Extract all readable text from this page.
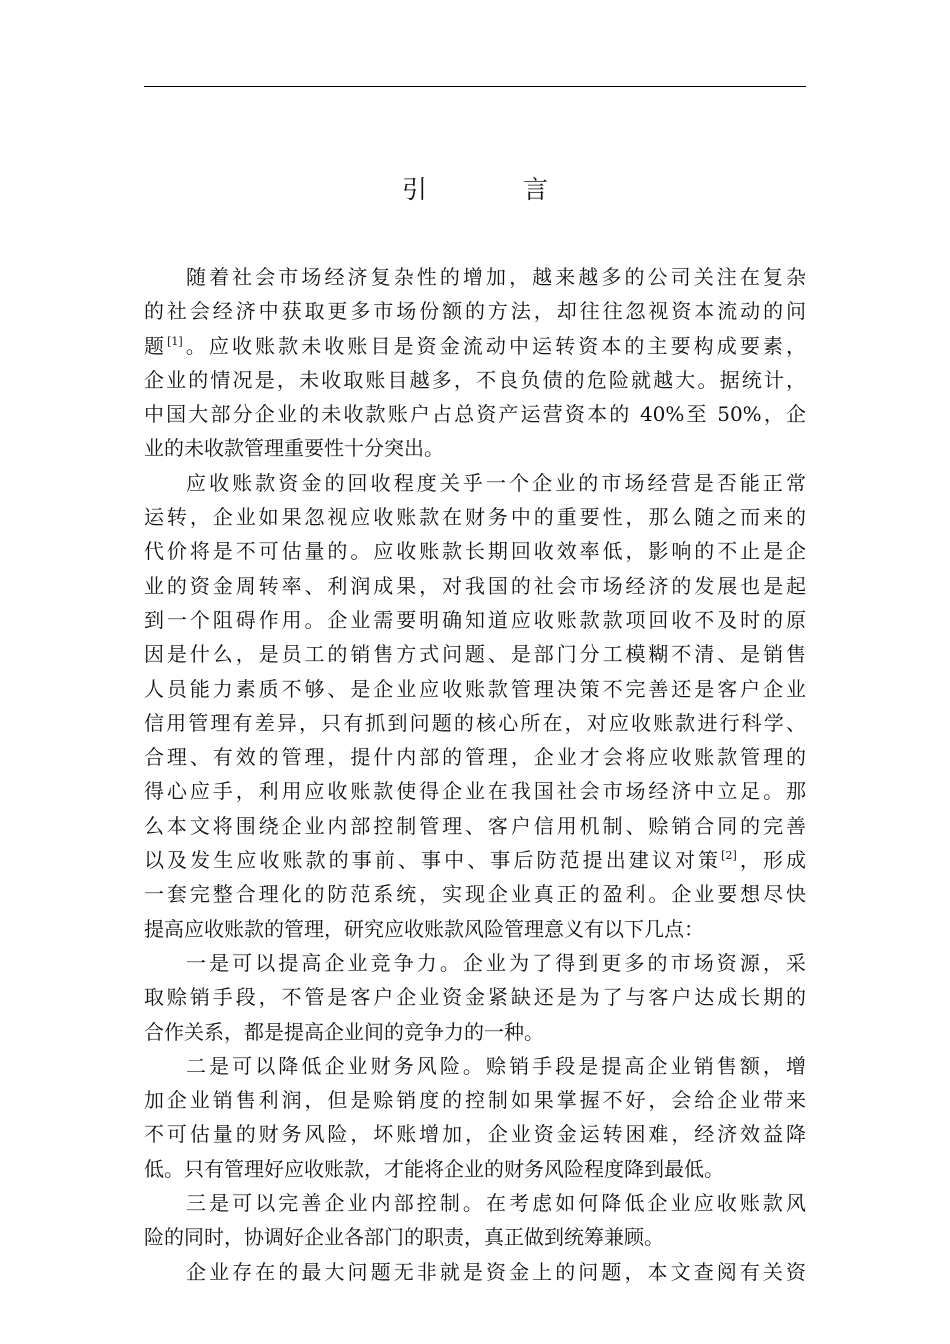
引 言
随着社会市场经济复杂性的增加，越来越多的公司关注在复杂
的社会经济中获取更多市场份额的方法，却往往忽视资本流动的问
题[1]。应收账款未收账目是资金流动中运转资本的主要构成要素，
企业的情况是，未收取账目越多，不良负债的危险就越大。据统计，
中国大部分企业的未收款账户占总资产运营资本的 40%至 50%，企
业的未收款管理重要性十分突出。
应收账款资金的回收程度关乎一个企业的市场经营是否能正常
运转，企业如果忽视应收账款在财务中的重要性，那么随之而来的
代价将是不可估量的。应收账款长期回收效率低，影响的不止是企
业的资金周转率、利润成果，对我国的社会市场经济的发展也是起
到一个阻碍作用。企业需要明确知道应收账款款项回收不及时的原
因是什么，是员工的销售方式问题、是部门分工模糊不清、是销售
人员能力素质不够、是企业应收账款管理决策不完善还是客户企业
信用管理有差异，只有抓到问题的核心所在，对应收账款进行科学、
合理、有效的管理，提什内部的管理，企业才会将应收账款管理的
得心应手，利用应收账款使得企业在我国社会市场经济中立足。那
么本文将围绕企业内部控制管理、客户信用机制、赊销合同的完善
以及发生应收账款的事前、事中、事后防范提出建议对策[2]，形成
一套完整合理化的防范系统，实现企业真正的盈利。企业要想尽快
提高应收账款的管理，研究应收账款风险管理意义有以下几点：
一是可以提高企业竞争力。企业为了得到更多的市场资源，采
取赊销手段，不管是客户企业资金紧缺还是为了与客户达成长期的
合作关系，都是提高企业间的竞争力的一种。
二是可以降低企业财务风险。赊销手段是提高企业销售额，增
加企业销售利润，但是赊销度的控制如果掌握不好，会给企业带来
不可估量的财务风险，坏账增加，企业资金运转困难，经济效益降
低。只有管理好应收账款，才能将企业的财务风险程度降到最低。
三是可以完善企业内部控制。在考虑如何降低企业应收账款风
险的同时，协调好企业各部门的职责，真正做到统筹兼顾。
企业存在的最大问题无非就是资金上的问题，本文查阅有关资
